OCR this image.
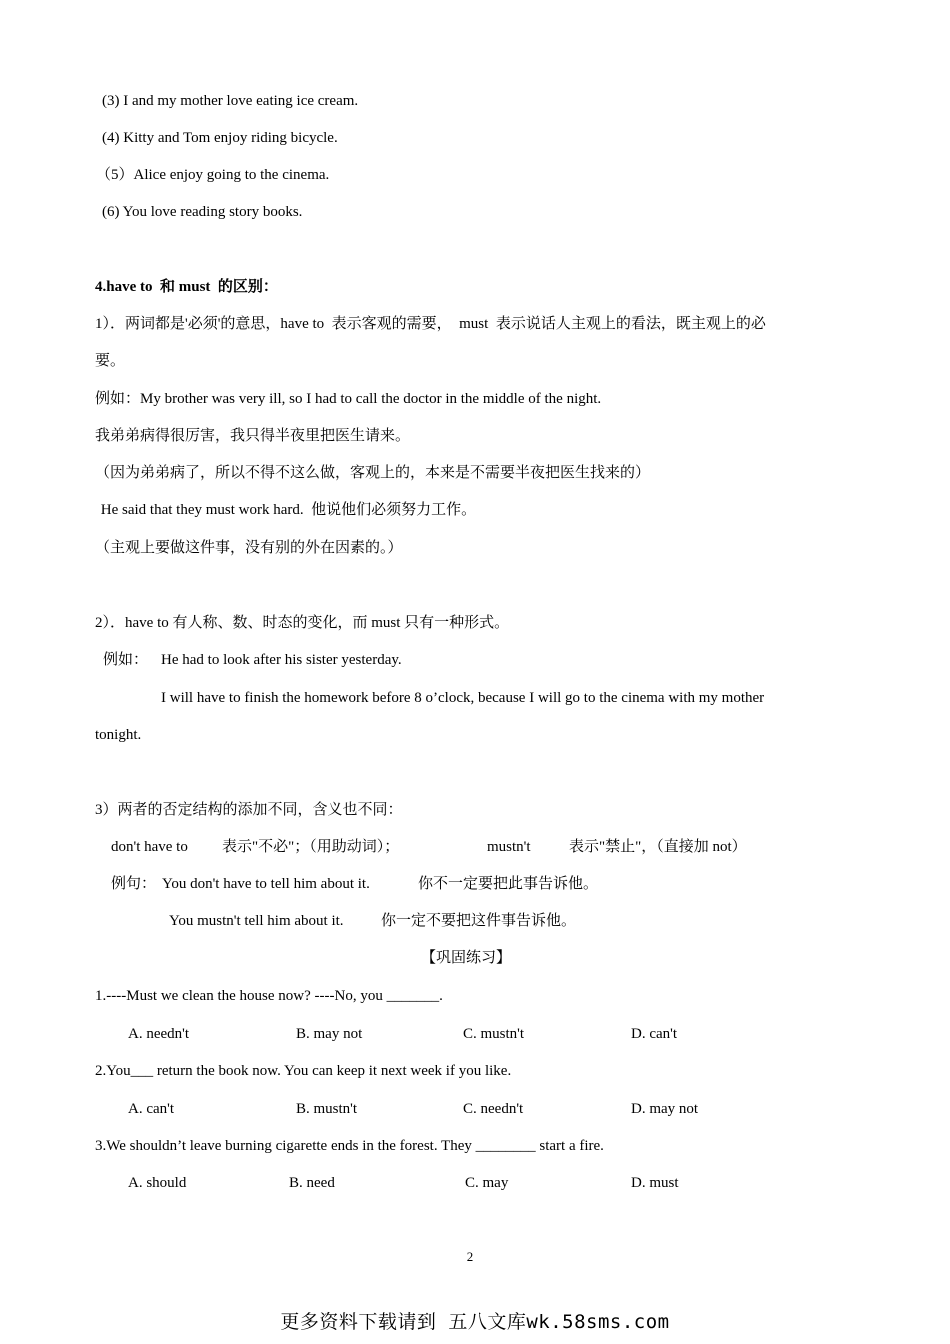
(3) I and my mother love eating ice cream.
(4) Kitty and Tom enjoy riding bicycle.
（5）Alice enjoy going to the cinema.
(6) You love reading story books.
4.have to  和 must  的区别：
1）．两词都是'必须'的意思，have to  表示客观的需要，  must  表示说话人主观上的看法，既主观上的必
要。
例如：My brother was very ill, so I had to call the doctor in the middle of the night.
我弟弟病得很厉害，我只得半夜里把医生请来。
（因为弟弟病了，所以不得不这么做，客观上的，本来是不需要半夜把医生找来的）
He said that they must work hard.  他说他们必须努力工作。
（主观上要做这件事，没有别的外在因素的。）
2）．have to 有人称、数、时态的变化，而 must 只有一种形式。
例如： He had to look after his sister yesterday.
I will have to finish the homework before 8 o’clock, because I will go to the cinema with my mother
tonight.
3）两者的否定结构的添加不同，含义也不同：
don't have to 表示"不必"；（用助动词）；	mustn't	表示"禁止"，（直接加 not）
例句： You don't have to tell him about it.	你不一定要把此事告诉他。
You mustn't tell him about it. 你一定不要把这件事告诉他。
【巩固练习】
1.----Must we clean the house now? ----No, you _______.
A. needn't	B. may not	C. mustn't	D. can't
2.You___ return the book now. You can keep it next week if you like.
A. can't	B. mustn't	C. needn't	D. may not
3.We shouldn’t leave burning cigarette ends in the forest. They ________ start a fire.
A. should	B. need	C. may	D. must
2
更多资料下载请到 五八文库wk.58sms.com
